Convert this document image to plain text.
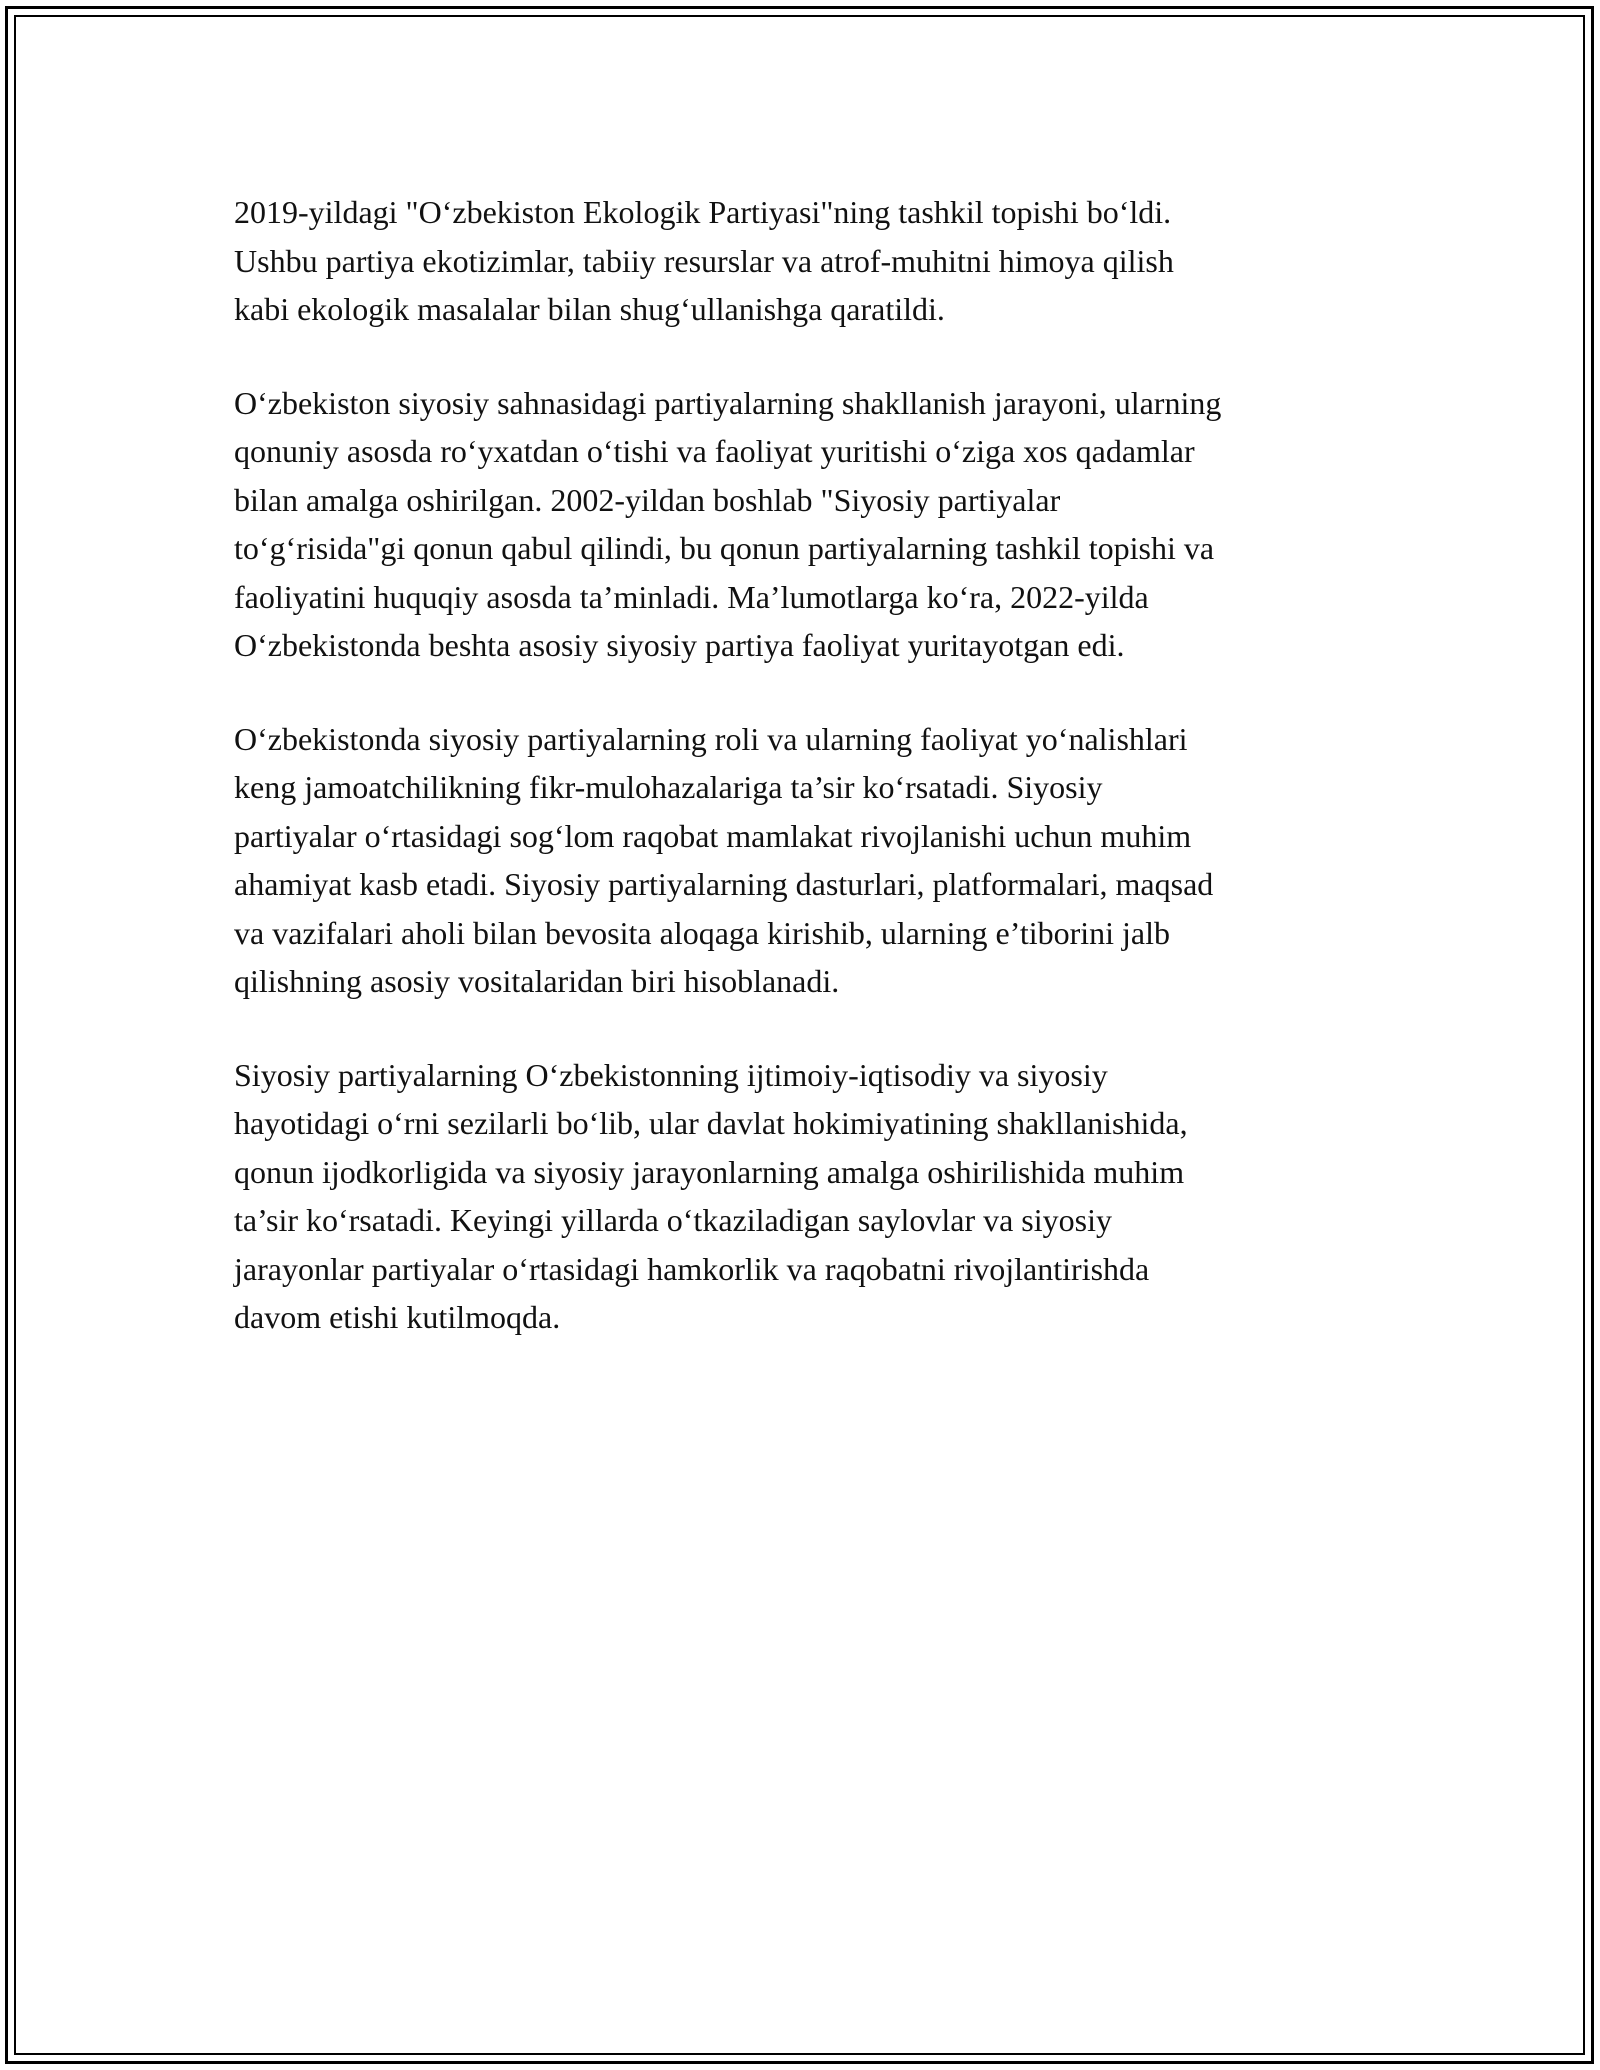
2019-yildagi "O‘zbekiston Ekologik Partiyasi"ning tashkil topishi bo‘ldi.
Ushbu partiya ekotizimlar, tabiiy resurslar va atrof-muhitni himoya qilish
kabi ekologik masalalar bilan shug‘ullanishga qaratildi.

O‘zbekiston siyosiy sahnasidagi partiyalarning shakllanish jarayoni, ularning
qonuniy asosda ro‘yxatdan o‘tishi va faoliyat yuritishi o‘ziga xos qadamlar
bilan amalga oshirilgan. 2002-yildan boshlab "Siyosiy partiyalar
to‘g‘risida"gi qonun qabul qilindi, bu qonun partiyalarning tashkil topishi va
faoliyatini huquqiy asosda ta’minladi. Ma’lumotlarga ko‘ra, 2022-yilda
O‘zbekistonda beshta asosiy siyosiy partiya faoliyat yuritayotgan edi.

O‘zbekistonda siyosiy partiyalarning roli va ularning faoliyat yo‘nalishlari
keng jamoatchilikning fikr-mulohazalariga ta’sir ko‘rsatadi. Siyosiy
partiyalar o‘rtasidagi sog‘lom raqobat mamlakat rivojlanishi uchun muhim
ahamiyat kasb etadi. Siyosiy partiyalarning dasturlari, platformalari, maqsad
va vazifalari aholi bilan bevosita aloqaga kirishib, ularning e’tiborini jalb
qilishning asosiy vositalaridan biri hisoblanadi.

Siyosiy partiyalarning O‘zbekistonning ijtimoiy-iqtisodiy va siyosiy
hayotidagi o‘rni sezilarli bo‘lib, ular davlat hokimiyatining shakllanishida,
qonun ijodkorligida va siyosiy jarayonlarning amalga oshirilishida muhim
ta’sir ko‘rsatadi. Keyingi yillarda o‘tkaziladigan saylovlar va siyosiy
jarayonlar partiyalar o‘rtasidagi hamkorlik va raqobatni rivojlantirishda
davom etishi kutilmoqda.
